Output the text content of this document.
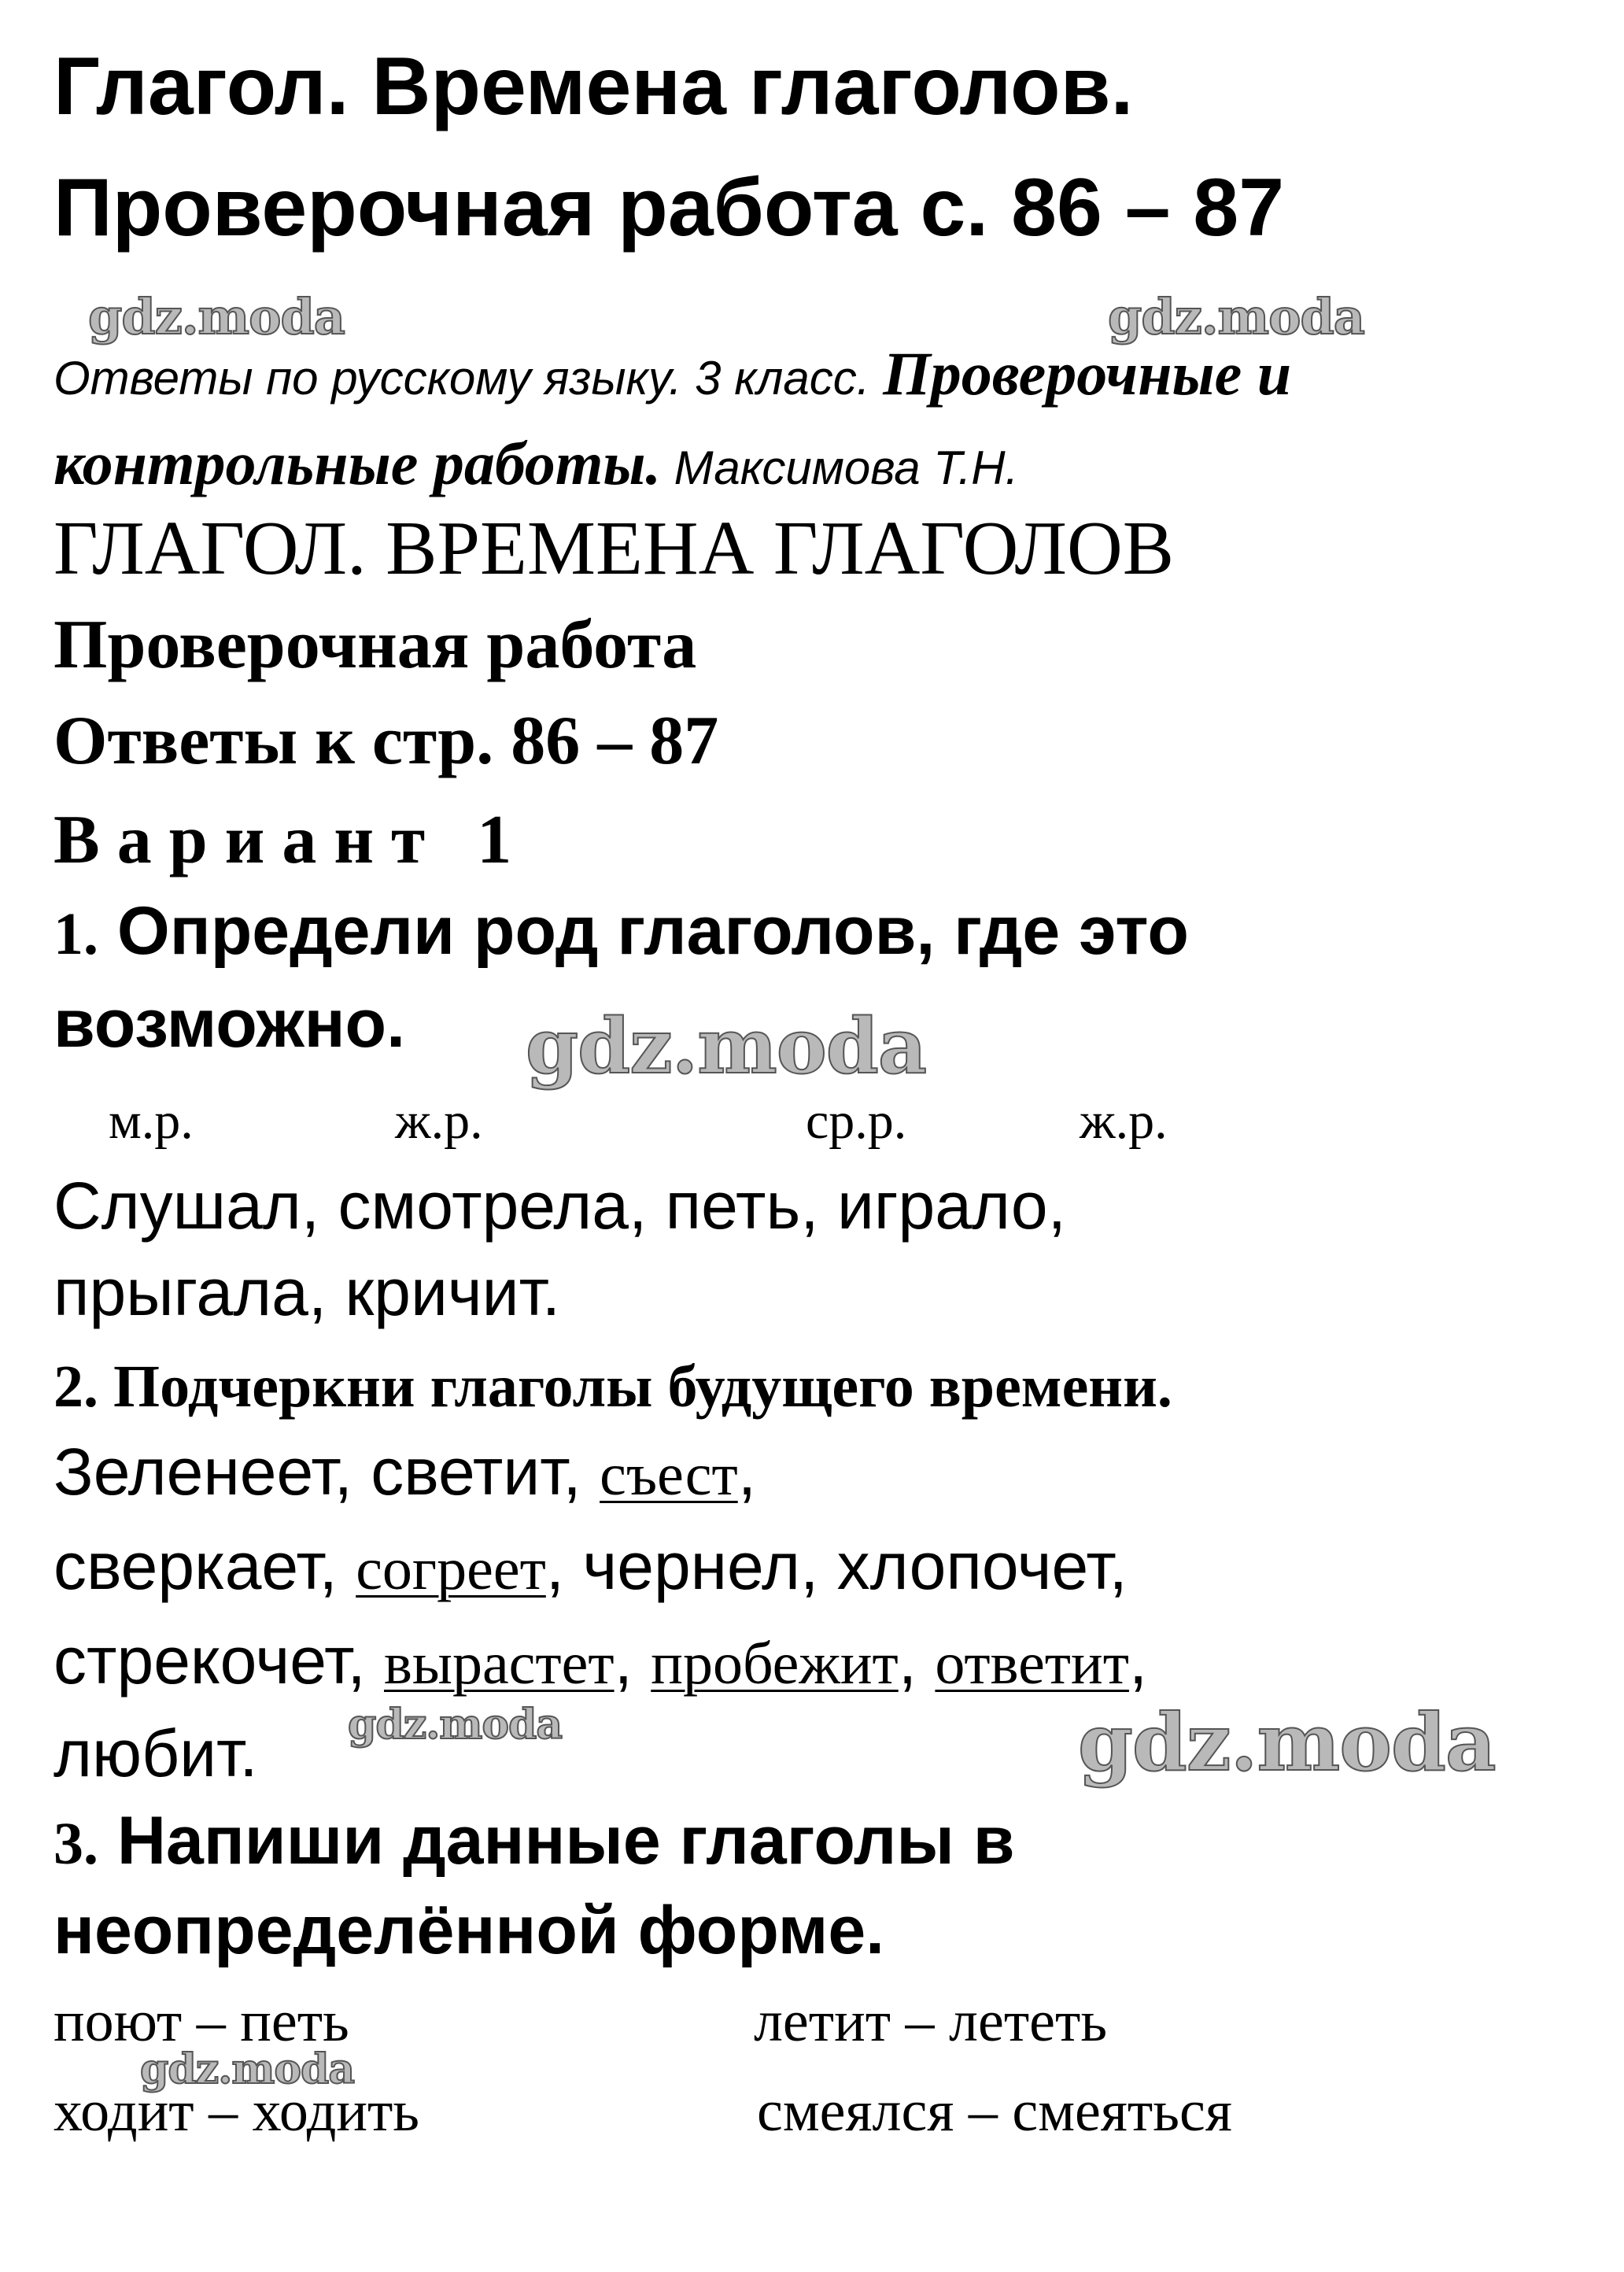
Глагол. Времена глаголов.
Проверочная работа с. 86 – 87
gdz.moda	gdz.moda
Ответы по русскому языку. 3 класс. Проверочные и
контрольные работы. Максимова Т.Н.
ГЛАГОЛ. ВРЕМЕНА ГЛАГОЛОВ
Проверочная работа
Ответы к стр. 86 – 87
Вариант 1
1. Определи род глаголов, где это
возможно. gdz.moda
м.р.	ж.р.	ср.р.	ж.р.
Слушал, смотрела, петь, играло,
прыгала, кричит.
2. Подчеркни глаголы будущего времени.
Зеленеет, светит, съест,
сверкает, согреет, чернел, хлопочет,
стрекочет, вырастет, пробежит, ответит,
любит. gdz.moda	gdz.moda
3. Напиши данные глаголы в
неопределённой форме.
поют – петь	летит – лететь
gdz.moda
ходит – ходить	смеялся – смеяться
